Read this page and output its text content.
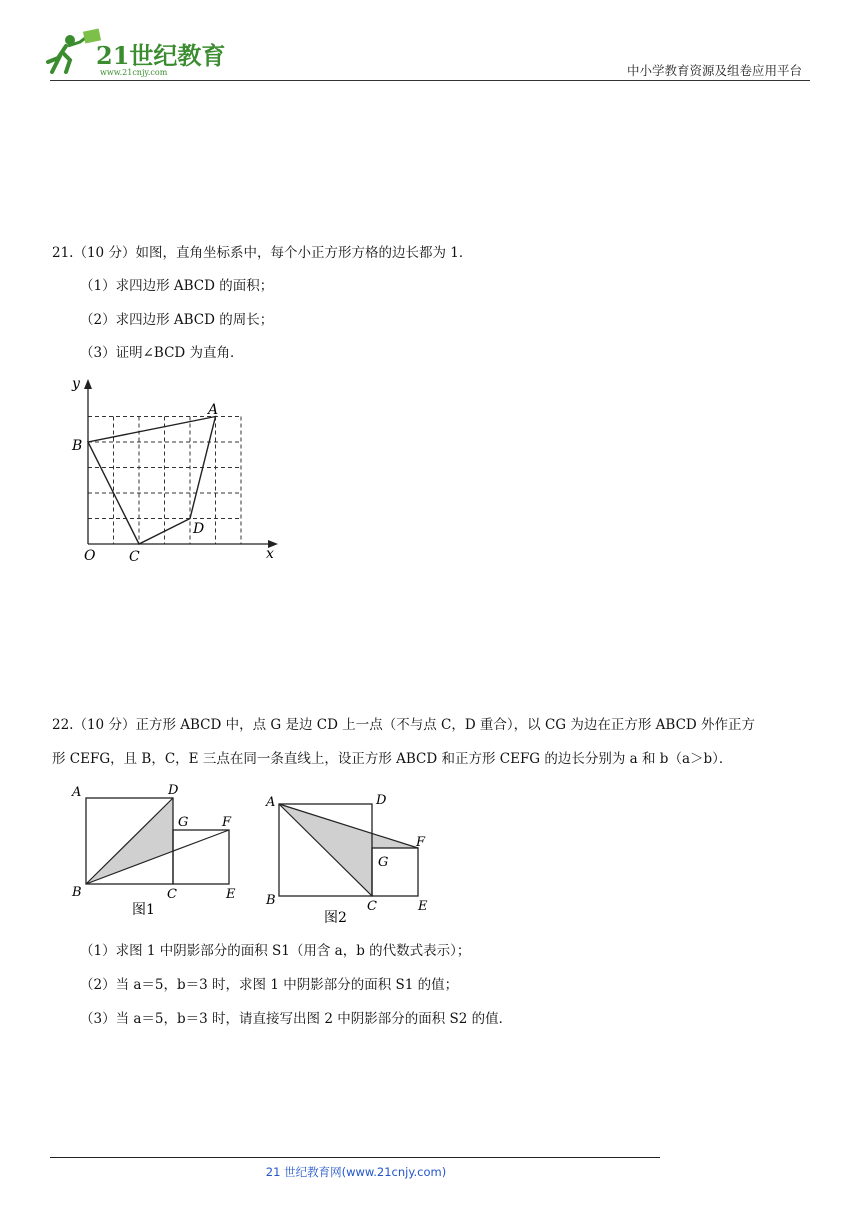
21世纪教育
www.21cnjy.com	中小学教育资源及组卷应用平台
21.（10 分）如图，直角坐标系中，每个小正方形方格的边长都为 1．
（1）求四边形 ABCD 的面积；
（2）求四边形 ABCD 的周长；
（3）证明∠BCD 为直角．
y
x
O
A
B
C
D
22.（10 分）正方形 ABCD 中，点 G 是边 CD 上一点（不与点 C，D 重合），以 CG 为边在正方形 ABCD 外作正方
形 CEFG，且 B，C，E 三点在同一条直线上，设正方形 ABCD 和正方形 CEFG 的边长分别为 a 和 b（a＞b）．
A	D
G	F
B	C	E
图1
A	D
F
G
B	C	E
图2
（1）求图 1 中阴影部分的面积 S1（用含 a，b 的代数式表示）；
（2）当 a＝5，b＝3 时，求图 1 中阴影部分的面积 S1 的值；
（3）当 a＝5，b＝3 时，请直接写出图 2 中阴影部分的面积 S2 的值．
21 世纪教育网(www.21cnjy.com)
